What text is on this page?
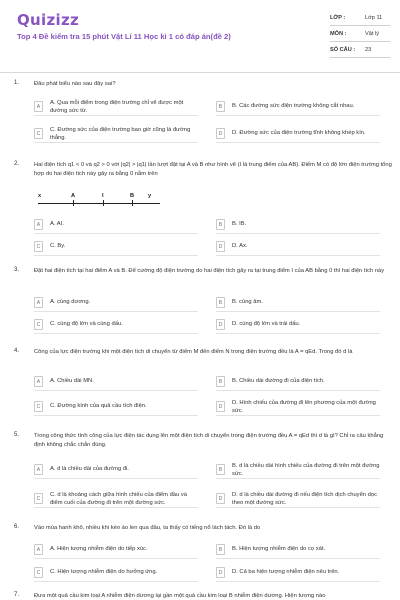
Quizizz
Top 4 Đề kiểm tra 15 phút Vật Lí 11 Học kì 1 có đáp án(đề 2)
LỚP :	Lớp 11
MÔN :	Vật lý
SỐ CÂU : 23
1.	Đâu phát biểu nào sau đây sai?
A
A. Qua mỗi điểm trong điện trường chỉ vẽ được một đường sức từ.
B	B. Các đường sức điện trường không cắt nhau.
C
C. Đường sức của điện trường bao giờ cũng là đường thẳng.
D	D. Đường sức của điện trường tĩnh không khép kín.
2.	Hai điện tích q1 < 0 và q2 > 0 với |q2| > |q1| lần lượt đặt tại A và B như hình vẽ (I là trung điểm của AB). Điểm M có độ lớn điện trường tổng hợp do hai điện tích này gây ra bằng 0 nằm trên
x	A	I	B y
A	A. AI.	B	B. IB.
C	C. By.	D	D. Ax.
3.	Đặt hai điện tích tại hai điểm A và B. Để cường độ điện trường do hai điện tích gây ra tại trung điểm I của AB bằng 0 thì hai điện tích này
A	A. cùng dương.	B	B. cùng âm.
C	C. cùng độ lớn và cùng dấu.	D	D. cùng độ lớn và trái dấu.
4.	Công của lực điện trường khi một điện tích di chuyển từ điểm M đến điểm N trong điện trường đều là A = qEd. Trong đó d là
A	A. Chiều dài MN.	B	B. Chiều dài đường đi của điện tích.
C	C. Đường kính của quả cầu tích điện.	D
D. Hình chiếu của đường đi lên phương của một đường sức.
5.	Trong công thức tính công của lực điện tác dụng lên một điện tích di chuyển trong điện trường đều A = qEd thì d là gì? Chỉ ra câu khẳng định không chắc chắn đúng.
A	A. d là chiều dài của đường đi.	B
B. d là chiều dài hình chiếu của đường đi trên một đường sức.
C
C. d là khoảng cách giữa hình chiếu của điểm đầu và điểm cuối của đường đi trên một đường sức.
D
D. d là chiều dài đường đi nếu điện tích dịch chuyển dọc theo một đường sức.
6.	Vào mùa hanh khô, nhiều khi kéo áo len qua đầu, ta thấy có tiếng nổ lách tách. Đó là do
A	A. Hiện tượng nhiễm điện do tiếp xúc.	B	B. Hiện tượng nhiễm điện do cọ xát.
C	C. Hiện tượng nhiễm điện do hưởng ứng.	D	D. Cả ba hiện tượng nhiễm điện nêu trên.
7.	Đưa một quả cầu kim loại A nhiễm điện dương lại gần một quả cầu kim loại B nhiễm điện dương. Hiện tượng nào
